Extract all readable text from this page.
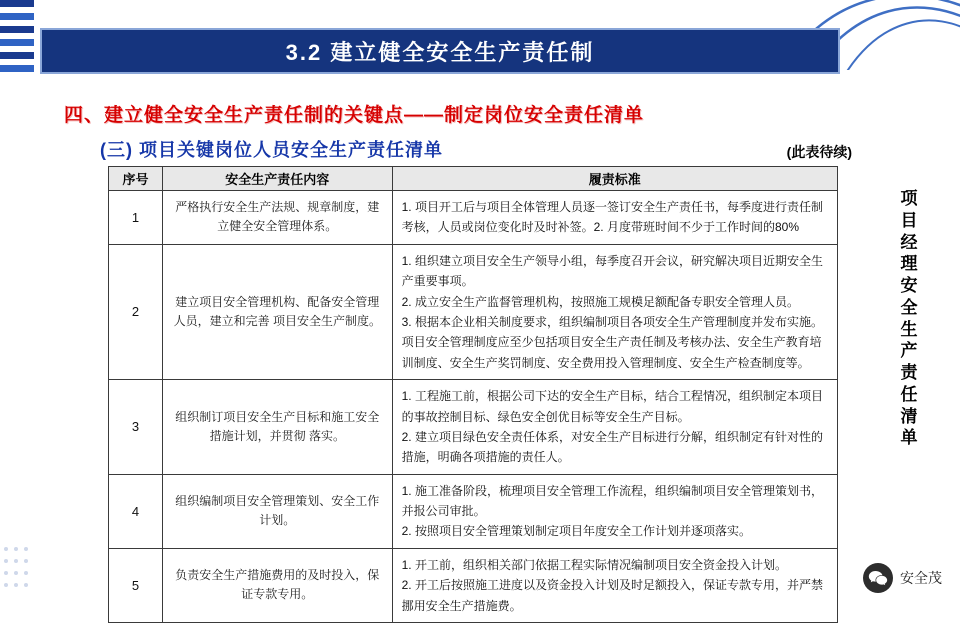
3.2 建立健全安全生产责任制
四、建立健全安全生产责任制的关键点——制定岗位安全责任清单
(三) 项目关键岗位人员安全生产责任清单	(此表待续)
项
目
经
理
安
全
生
产
责
任
清
单
序号	安全生产责任内容	履责标准
1	严格执行安全生产法规、规章制度，建立健全安全管理体系。	1. 项目开工后与项目全体管理人员逐一签订安全生产责任书，每季度进行责任制考核，人员或岗位变化时及时补签。2. 月度带班时间不少于工作时间的80%

2	建立项目安全管理机构、配备安全管理人员，建立和完善 项目安全生产制度。	1. 组织建立项目安全生产领导小组，每季度召开会议，研究解决项目近期安全生产重要事项。

2. 成立安全生产监督管理机构，按照施工规模足额配备专职安全管理人员。

3. 根据本企业相关制度要求，组织编制项目各项安全生产管理制度并发布实施。项目安全管理制度应至少包括项目安全生产责任制及考核办法、安全生产教育培训制度、安全生产奖罚制度、安全费用投入管理制度、安全生产检查制度等。

3	组织制订项目安全生产目标和施工安全措施计划，并贯彻 落实。	1. 工程施工前，根据公司下达的安全生产目标，结合工程情况，组织制定本项目的事故控制目标、绿色安全创优目标等安全生产目标。

2. 建立项目绿色安全责任体系，对安全生产目标进行分解，组织制定有针对性的措施，明确各项措施的责任人。

4	组织编制项目安全管理策划、安全工作计划。	1. 施工准备阶段，梳理项目安全管理工作流程，组织编制项目安全管理策划书，并报公司审批。

2. 按照项目安全管理策划制定项目年度安全工作计划并逐项落实。

5	负责安全生产措施费用的及时投入，保证专款专用。	1. 开工前，组织相关部门依据工程实际情况编制项目安全资金投入计划。

2. 开工后按照施工进度以及资金投入计划及时足额投入，保证专款专用，并严禁挪用安全生产措施费。

安全茂
